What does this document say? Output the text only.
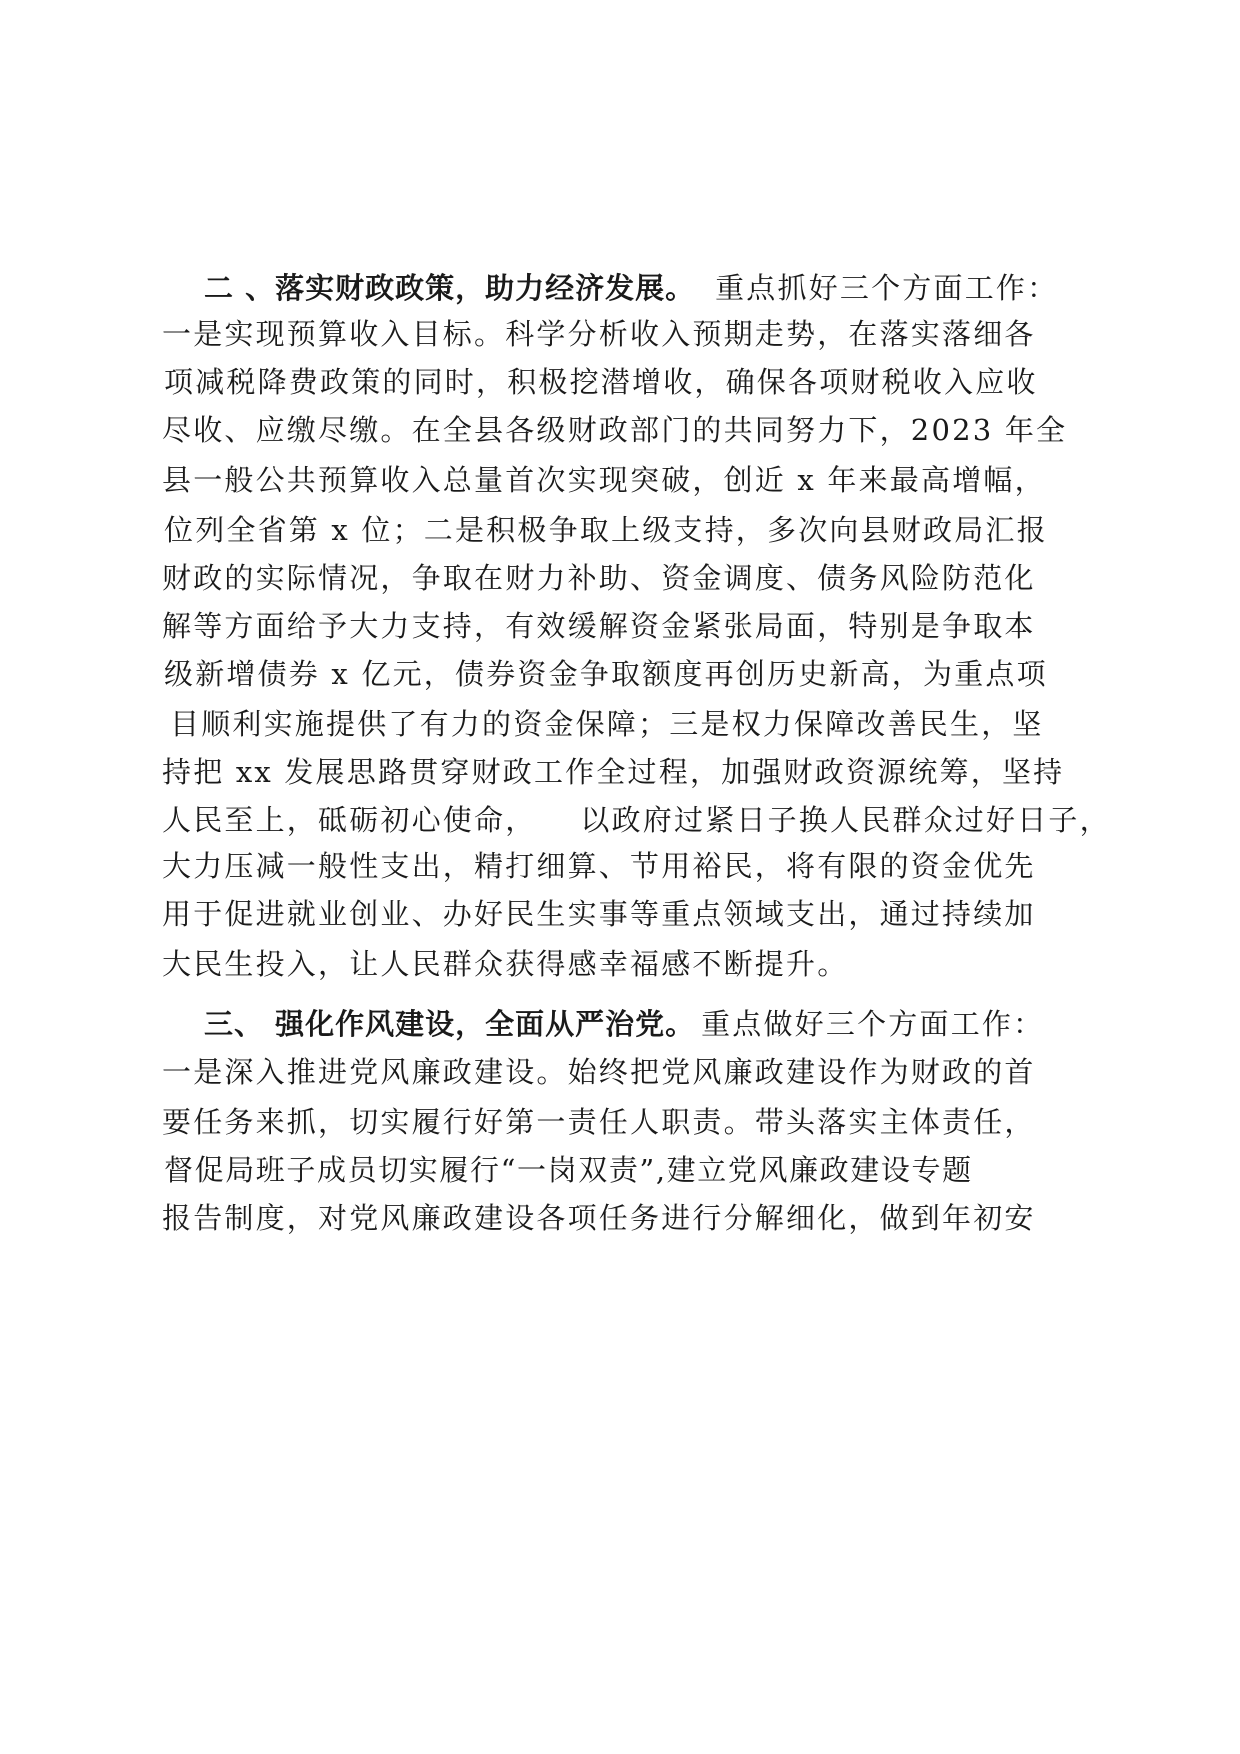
二 、落实财政政策，助力经济发展。 重点抓好三个方面工作：
一是实现预算收入目标。科学分析收入预期走势，在落实落细各
项减税降费政策的同时，积极挖潜增收，确保各项财税收入应收
尽收、应缴尽缴。在全县各级财政部门的共同努力下，2023 年全
县一般公共预算收入总量首次实现突破，创近 x 年来最高增幅，
位列全省第 x 位；二是积极争取上级支持，多次向县财政局汇报
财政的实际情况，争取在财力补助、资金调度、债务风险防范化
解等方面给予大力支持，有效缓解资金紧张局面，特别是争取本
级新增债券 x 亿元，债券资金争取额度再创历史新高，为重点项
目顺利实施提供了有力的资金保障；三是权力保障改善民生，坚
持把 xx 发展思路贯穿财政工作全过程，加强财政资源统筹，坚持
人民至上，砥砺初心使命， 以政府过紧日子换人民群众过好日子，
大力压减一般性支出，精打细算、节用裕民，将有限的资金优先
用于促进就业创业、办好民生实事等重点领域支出，通过持续加
大民生投入，让人民群众获得感幸福感不断提升。
三、 强化作风建设，全面从严治党。 重点做好三个方面工作：
一是深入推进党风廉政建设。始终把党风廉政建设作为财政的首
要任务来抓，切实履行好第一责任人职责。带头落实主体责任，
督促局班子成员切实履行“一岗双责”,建立党风廉政建设专题
报告制度，对党风廉政建设各项任务进行分解细化，做到年初安
